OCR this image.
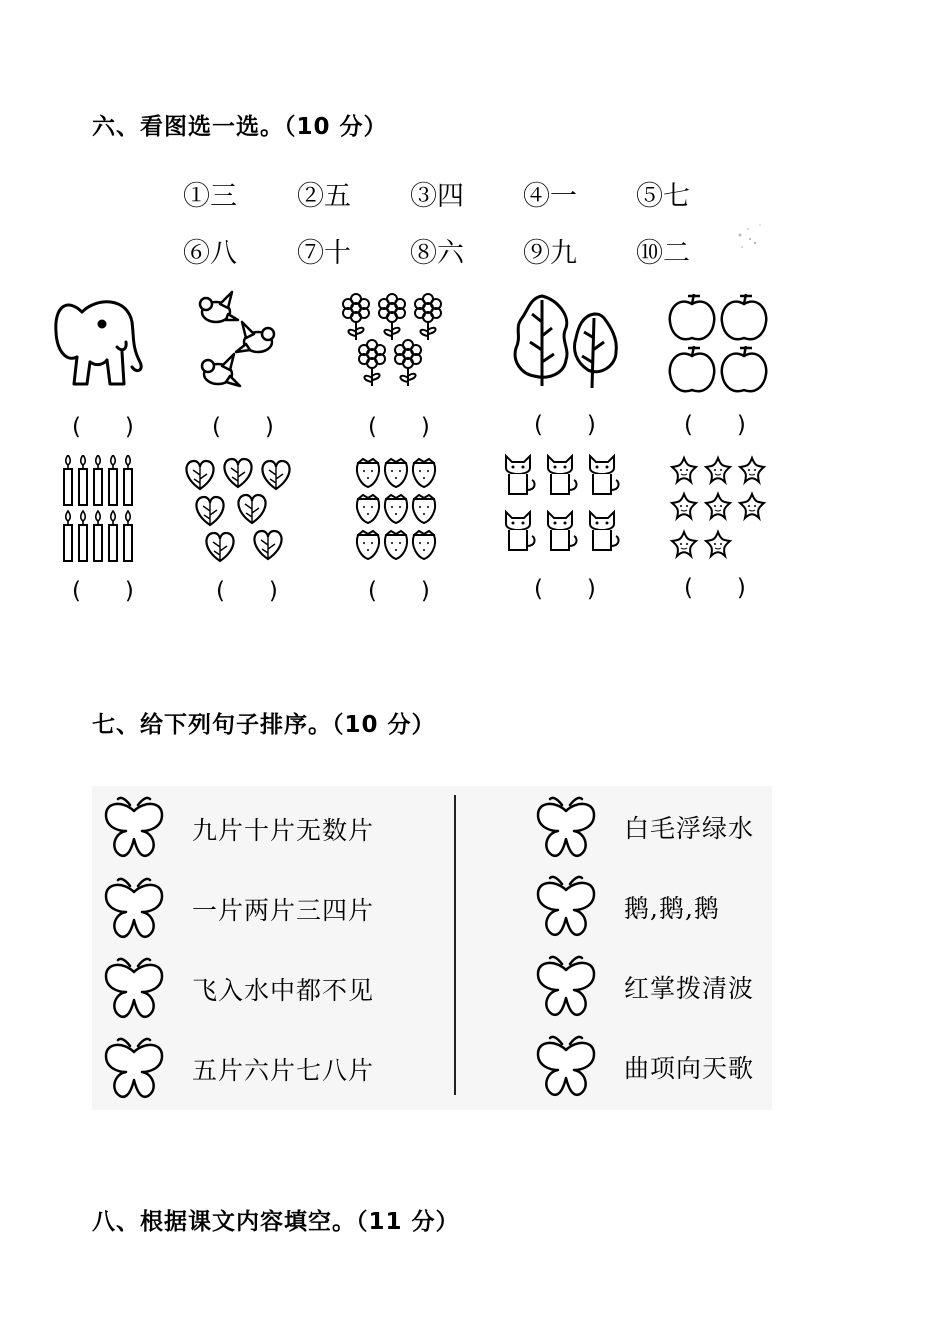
六、看图选一选。（10 分）
七、给下列句子排序。（10 分）
八、根据课文内容填空。（11 分）
①三 ②五 ③四 ④一 ⑤七
⑥八 ⑦十 ⑧六 ⑨九 ⑩二
(      )	(      )	(      )	(      )	(      )
(      )	(      )	(      )	(      )	(      )
九片十片无数片
一片两片三四片
飞入水中都不见
五片六片七八片
白毛浮绿水
鹅,鹅,鹅
红掌拨清波
曲项向天歌
